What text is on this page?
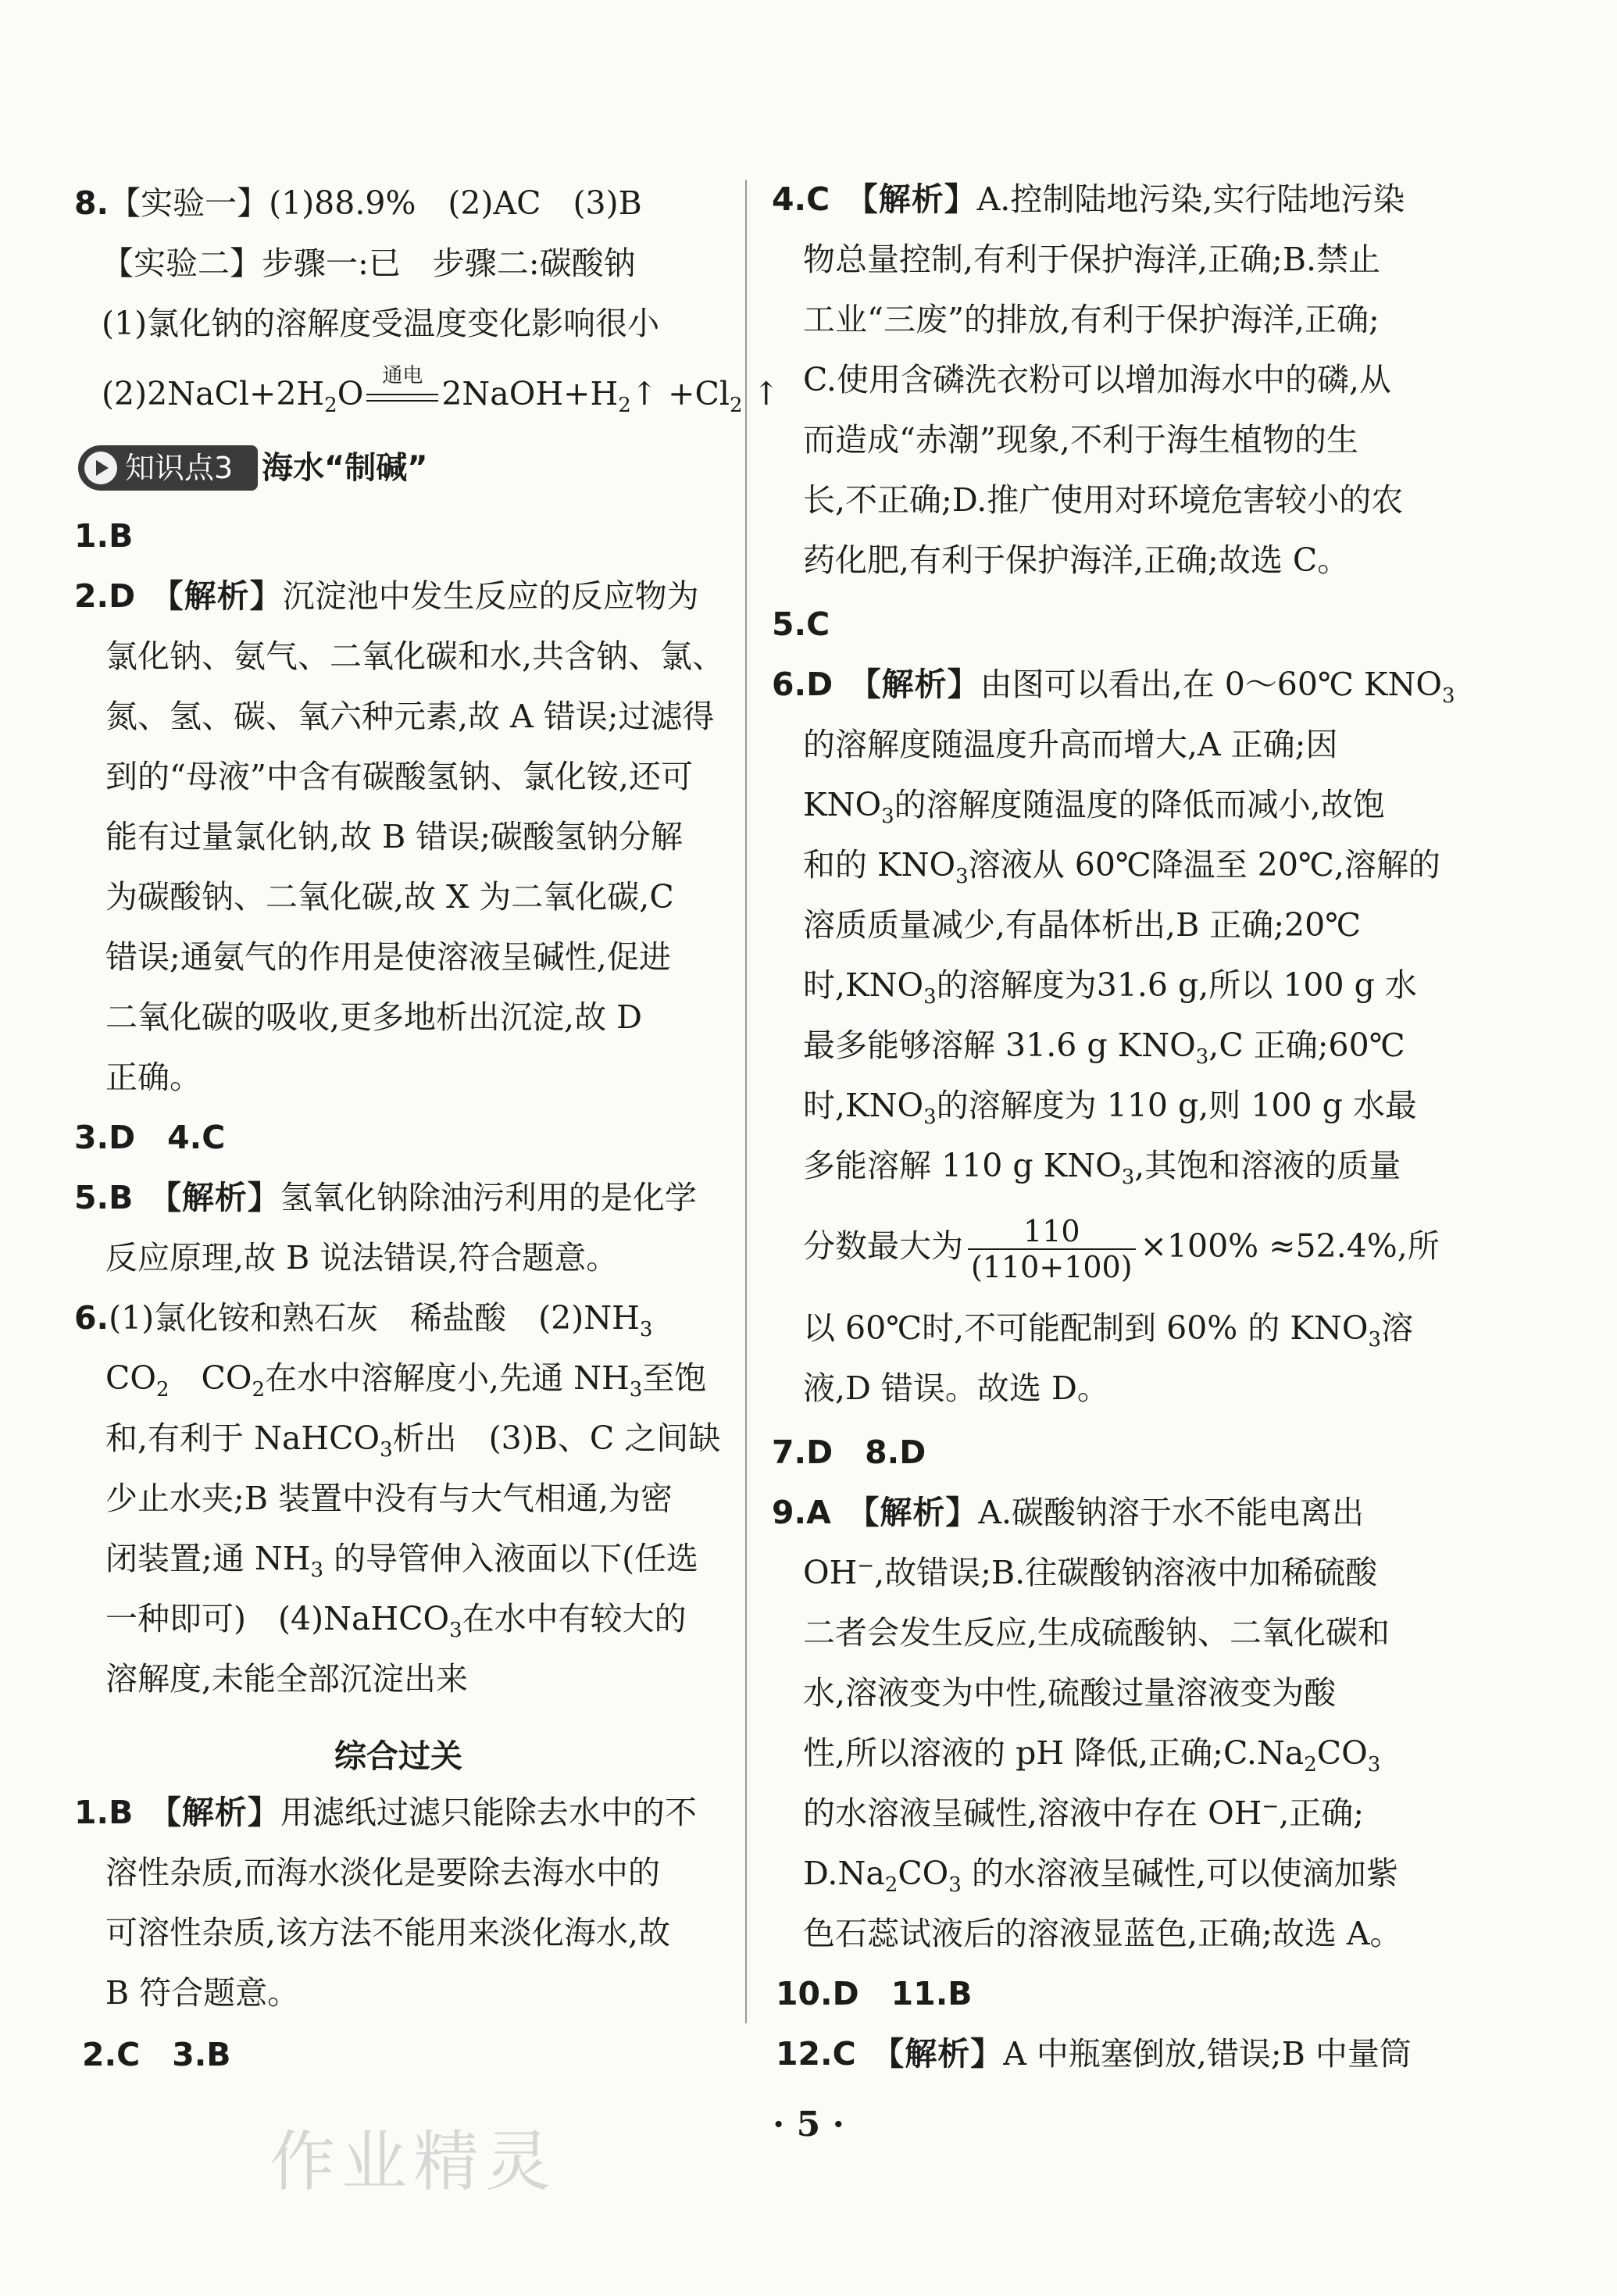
8.【实验一】(1)88.9%　(2)AC　(3)B
【实验二】步骤一:已　步骤二:碳酸钠
(1)氯化钠的溶解度受温度变化影响很小
$(2)2NaCl+2H_2O$ 通电 $2NaOH+H_2↑ +Cl_2$ ↑
知识点3 海水“制碱”
1.B
2.D　 【解析】沉淀池中发生反应的反应物为
氯化钠、氨气、二氧化碳和水,共含钠、氯、
氮、氢、碳、氧六种元素,故 A 错误;过滤得
到的“母液”中含有碳酸氢钠、氯化铵,还可
能有过量氯化钠,故 B 错误;碳酸氢钠分解
为碳酸钠、二氧化碳,故 X 为二氧化碳,C
错误;通氨气的作用是使溶液呈碱性,促进
二氧化碳的吸收,更多地析出沉淀,故 D
正确。
3.D　4.C
5.B　 【解析】氢氧化钠除油污利用的是化学
反应原理,故 B 说法错误,符合题意。
6.(1)氯化铵和熟石灰　稀盐酸　$(2)NH_3$
$CO_2$　$CO_2$在水中溶解度小,先通 $NH_3$至饱
和,有利于 NaHCO$_3$析出　(3)B、C 之间缺
少止水夹;B 装置中没有与大气相通,为密
闭装置;通 $NH_3$ 的导管伸入液面以下(任选
一种即可)　(4)NaHCO$_3$在水中有较大的
溶解度,未能全部沉淀出来
综合过关
1.B　 【解析】用滤纸过滤只能除去水中的不
溶性杂质,而海水淡化是要除去海水中的
可溶性杂质,该方法不能用来淡化海水,故
B 符合题意。
2.C　3.B
4.C　 【解析】A.控制陆地污染,实行陆地污染
物总量控制,有利于保护海洋,正确;B.禁止
工业“三废”的排放,有利于保护海洋,正确;
C.使用含磷洗衣粉可以增加海水中的磷,从
而造成“赤潮”现象,不利于海生植物的生
长,不正确;D.推广使用对环境危害较小的农
药化肥,有利于保护海洋,正确;故选 C。
5.C
6.D　 【解析】由图可以看出,在 0～60℃ $KNO_3$
的溶解度随温度升高而增大,A 正确;因
$KNO_3$的溶解度随温度的降低而减小,故饱
和的 $KNO_3$溶液从 60℃降温至 20℃,溶解的
溶质质量减少,有晶体析出,B 正确;20℃
时$,KNO_3$的溶解度为31.6 g,所以 100 g 水
最多能够溶解 31.6 g $KNO_3,C$ 正确;60℃
时$,KNO_3$的溶解度为 110 g,则 100 g 水最
多能溶解 110 g $KNO_3$,其饱和溶液的质量
分数最大为 $\frac{110}{(110+100)} \times 100\% \approx 52.4\%$,所
以 60℃时,不可能配制到 60% 的 $KNO_3$溶
液,D 错误。故选 D。
7.D　8.D
9.A　 【解析】A.碳酸钠溶于水不能电离出
OH−,故错误;B.往碳酸钠溶液中加稀硫酸
二者会发生反应,生成硫酸钠、二氧化碳和
水,溶液变为中性,硫酸过量溶液变为酸
性,所以溶液的 pH 降低,正确$;C.Na_2CO_3$
的水溶液呈碱性,溶液中存在 OH−,正确;
$D.Na_2CO_3$ 的水溶液呈碱性,可以使滴加紫
色石蕊试液后的溶液显蓝色,正确;故选 A。
10.D　11.B
12.C　 【解析】A 中瓶塞倒放,错误;B 中量筒
· 5 ·
作业精灵
